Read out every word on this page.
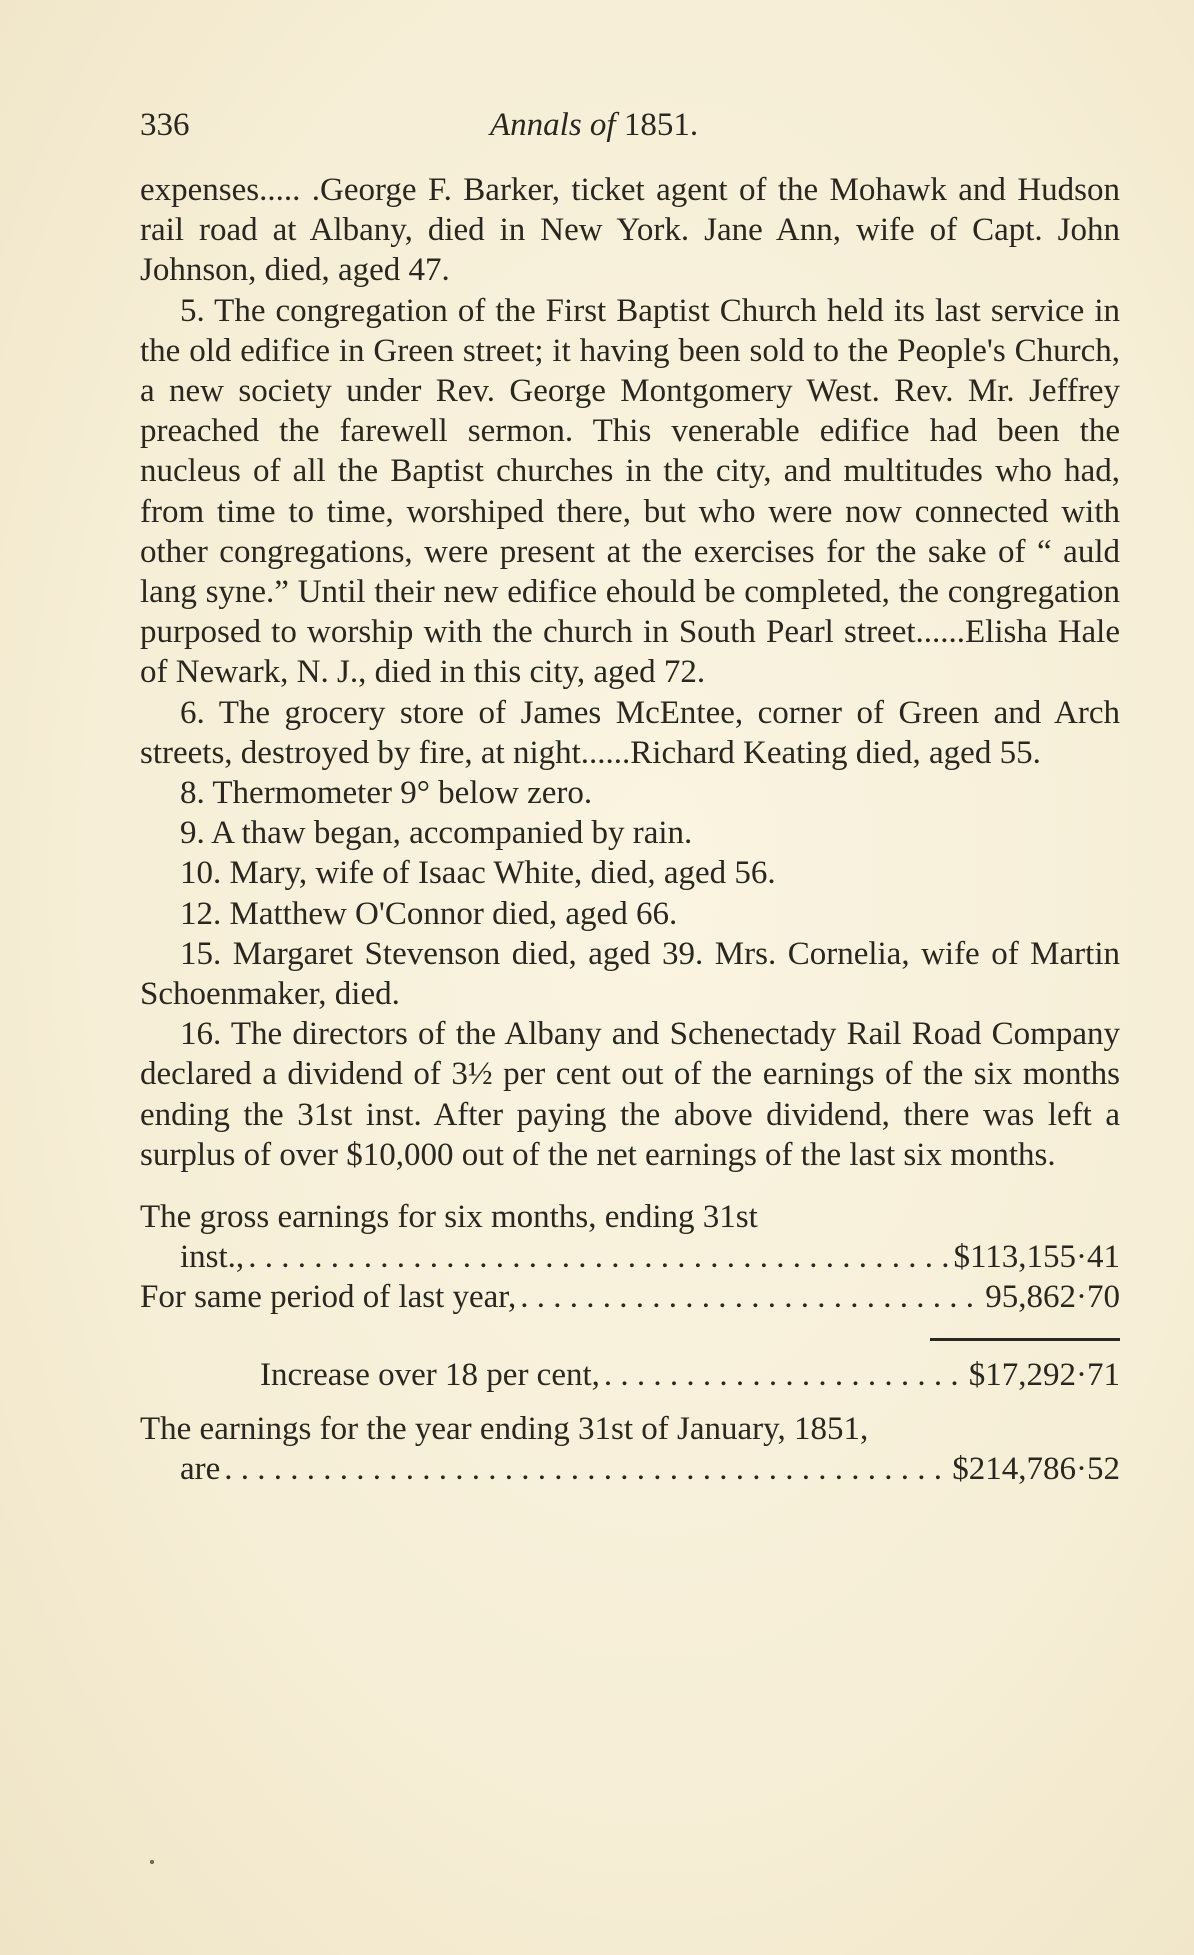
336	Annals of 1851.

expenses..... .George F. Barker, ticket agent of the Mohawk and Hudson rail road at Albany, died in New York. Jane Ann, wife of Capt. John Johnson, died, aged 47.

5. The congregation of the First Baptist Church held its last service in the old edifice in Green street; it having been sold to the People's Church, a new society under Rev. George Montgomery West. Rev. Mr. Jeffrey preached the farewell sermon. This venerable edifice had been the nucleus of all the Baptist churches in the city, and multitudes who had, from time to time, worshiped there, but who were now connected with other congregations, were present at the exercises for the sake of “ auld lang syne.” Until their new edifice ehould be completed, the congregation purposed to worship with the church in South Pearl street......Elisha Hale of Newark, N. J., died in this city, aged 72.

6. The grocery store of James McEntee, corner of Green and Arch streets, destroyed by fire, at night......Richard Keating died, aged 55.

8. Thermometer 9° below zero.

9. A thaw began, accompanied by rain.

10. Mary, wife of Isaac White, died, aged 56.

12. Matthew O'Connor died, aged 66.

15. Margaret Stevenson died, aged 39. Mrs. Cornelia, wife of Martin Schoenmaker, died.

16. The directors of the Albany and Schenectady Rail Road Company declared a dividend of 3½ per cent out of the earnings of the six months ending the 31st inst. After paying the above dividend, there was left a surplus of over $10,000 out of the net earnings of the last six months.

The gross earnings for six months, ending 31st
inst., . . .	$113,155·41
For same period of last year, . . .	95,862·70
Increase over 18 per cent, . . .	$17,292·71
The earnings for the year ending 31st of January, 1851,
are . . .	$214,786·52
